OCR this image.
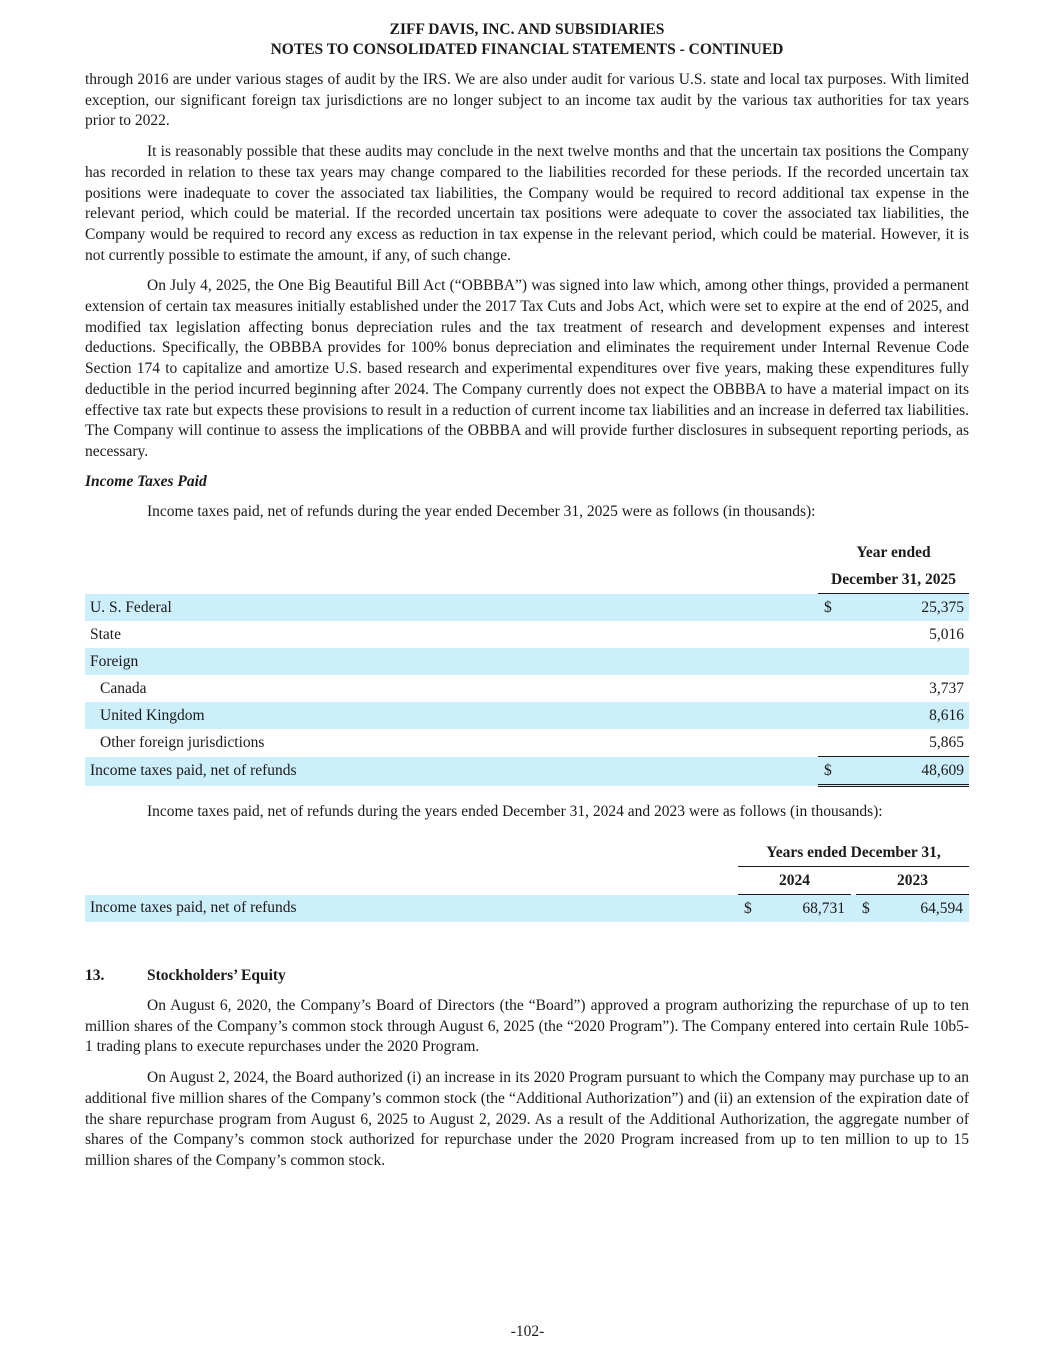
ZIFF DAVIS, INC. AND SUBSIDIARIES
NOTES TO CONSOLIDATED FINANCIAL STATEMENTS - CONTINUED

through 2016 are under various stages of audit by the IRS. We are also under audit for various U.S. state and local tax purposes. With limited exception, our significant foreign tax jurisdictions are no longer subject to an income tax audit by the various tax authorities for tax years prior to 2022.

It is reasonably possible that these audits may conclude in the next twelve months and that the uncertain tax positions the Company has recorded in relation to these tax years may change compared to the liabilities recorded for these periods. If the recorded uncertain tax positions were inadequate to cover the associated tax liabilities, the Company would be required to record additional tax expense in the relevant period, which could be material. If the recorded uncertain tax positions were adequate to cover the associated tax liabilities, the Company would be required to record any excess as reduction in tax expense in the relevant period, which could be material. However, it is not currently possible to estimate the amount, if any, of such change.

On July 4, 2025, the One Big Beautiful Bill Act (“OBBBA”) was signed into law which, among other things, provided a permanent extension of certain tax measures initially established under the 2017 Tax Cuts and Jobs Act, which were set to expire at the end of 2025, and modified tax legislation affecting bonus depreciation rules and the tax treatment of research and development expenses and interest deductions. Specifically, the OBBBA provides for 100% bonus depreciation and eliminates the requirement under Internal Revenue Code Section 174 to capitalize and amortize U.S. based research and experimental expenditures over five years, making these expenditures fully deductible in the period incurred beginning after 2024. The Company currently does not expect the OBBBA to have a material impact on its effective tax rate but expects these provisions to result in a reduction of current income tax liabilities and an increase in deferred tax liabilities. The Company will continue to assess the implications of the OBBBA and will provide further disclosures in subsequent reporting periods, as necessary.

Income Taxes Paid

Income taxes paid, net of refunds during the year ended December 31, 2025 were as follows (in thousands):

	Year ended	
	December 31, 2025	
U. S. Federal	$	25,375
State		5,016
Foreign		
Canada		3,737
United Kingdom		8,616
Other foreign jurisdictions		5,865
Income taxes paid, net of refunds	$	48,609

Income taxes paid, net of refunds during the years ended December 31, 2024 and 2023 were as follows (in thousands):

	Years ended December 31,		
	2024		2023
Income taxes paid, net of refunds	$ 68,731		$ 64,594
13.	Stockholders’ Equity

On August 6, 2020, the Company’s Board of Directors (the “Board”) approved a program authorizing the repurchase of up to ten million shares of the Company’s common stock through August 6, 2025 (the “2020 Program”). The Company entered into certain Rule 10b5-1 trading plans to execute repurchases under the 2020 Program.

On August 2, 2024, the Board authorized (i) an increase in its 2020 Program pursuant to which the Company may purchase up to an additional five million shares of the Company’s common stock (the “Additional Authorization”) and (ii) an extension of the expiration date of the share repurchase program from August 6, 2025 to August 2, 2029. As a result of the Additional Authorization, the aggregate number of shares of the Company’s common stock authorized for repurchase under the 2020 Program increased from up to ten million to up to 15 million shares of the Company’s common stock.

-102-
